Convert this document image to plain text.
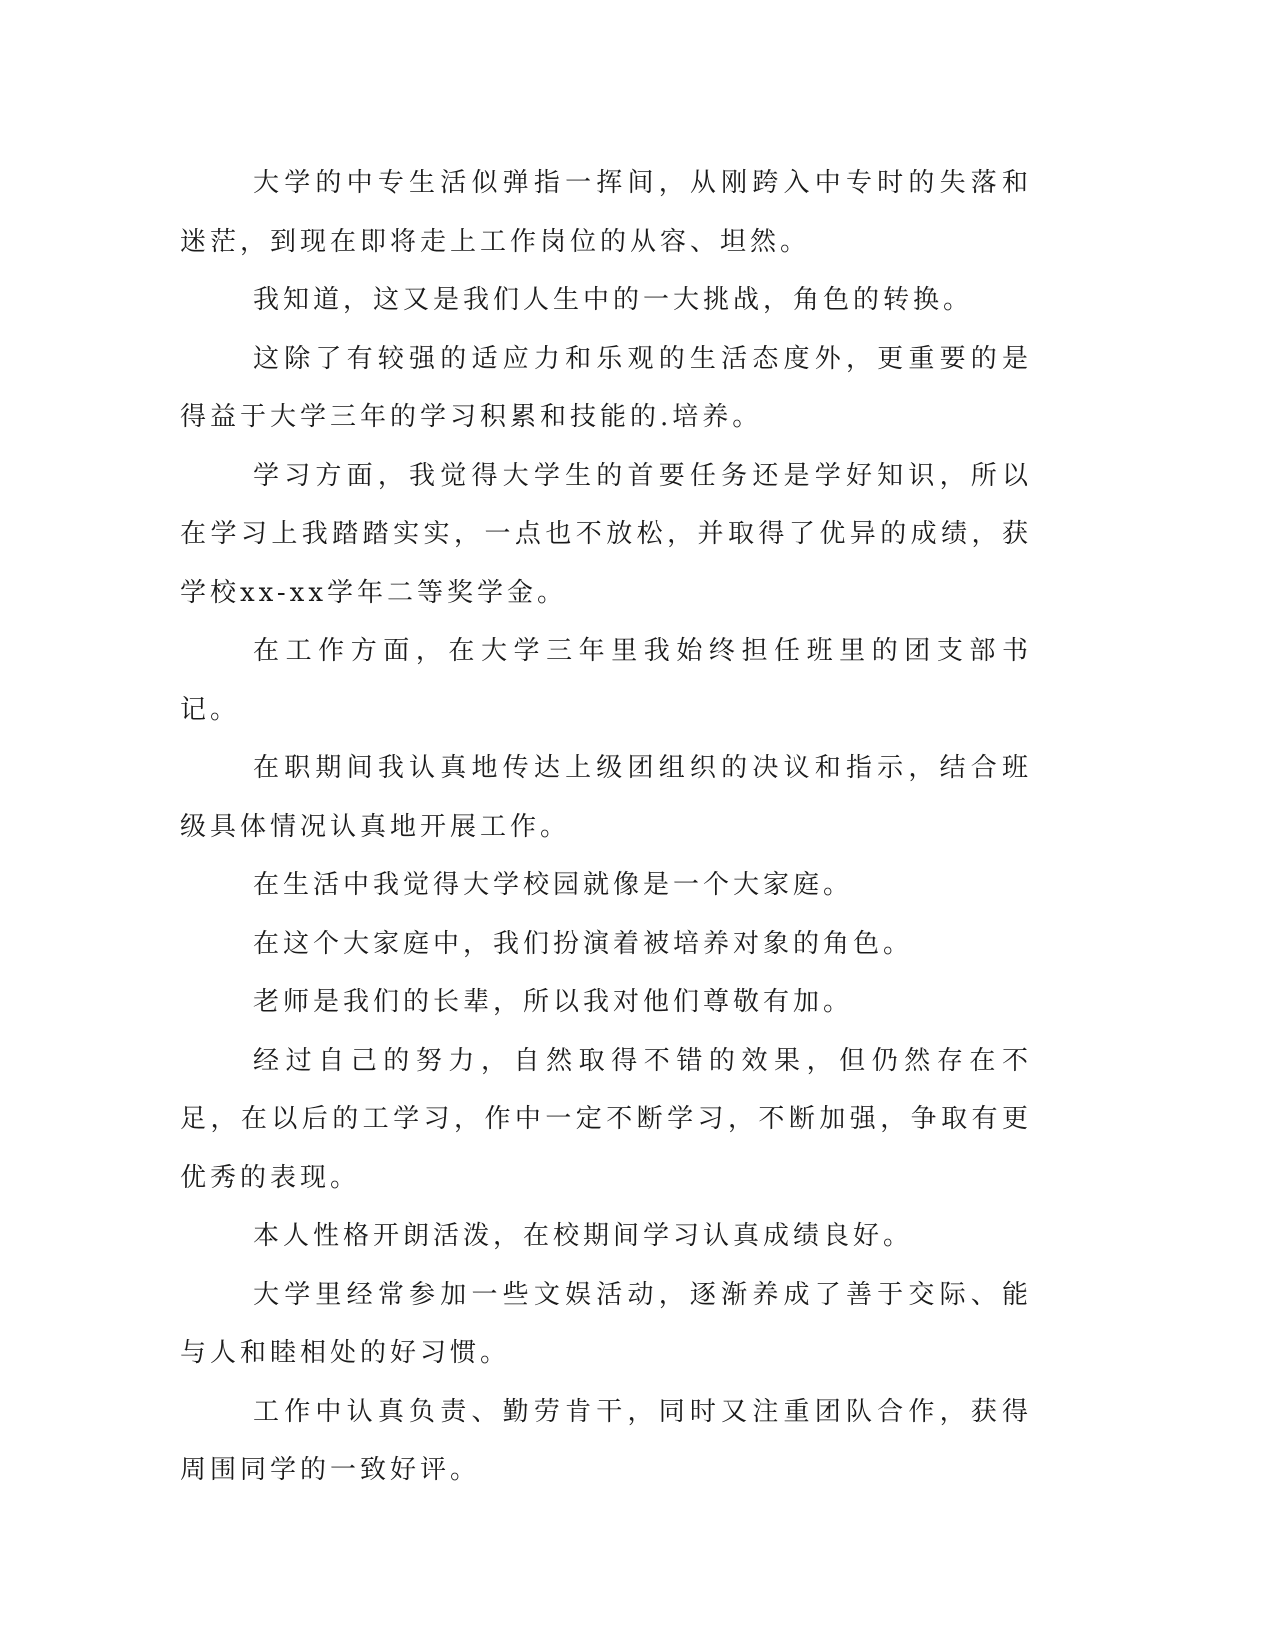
大学的中专生活似弹指一挥间，从刚跨入中专时的失落和迷茫，到现在即将走上工作岗位的从容、坦然。

我知道，这又是我们人生中的一大挑战，角色的转换。

这除了有较强的适应力和乐观的生活态度外，更重要的是得益于大学三年的学习积累和技能的.培养。

学习方面，我觉得大学生的首要任务还是学好知识，所以在学习上我踏踏实实，一点也不放松，并取得了优异的成绩，获学校xx-xx学年二等奖学金。

在工作方面，在大学三年里我始终担任班里的团支部书记。

在职期间我认真地传达上级团组织的决议和指示，结合班级具体情况认真地开展工作。

在生活中我觉得大学校园就像是一个大家庭。

在这个大家庭中，我们扮演着被培养对象的角色。

老师是我们的长辈，所以我对他们尊敬有加。

经过自己的努力，自然取得不错的效果，但仍然存在不足，在以后的工学习，作中一定不断学习，不断加强，争取有更优秀的表现。

本人性格开朗活泼，在校期间学习认真成绩良好。

大学里经常参加一些文娱活动，逐渐养成了善于交际、能与人和睦相处的好习惯。

工作中认真负责、勤劳肯干，同时又注重团队合作，获得周围同学的一致好评。
